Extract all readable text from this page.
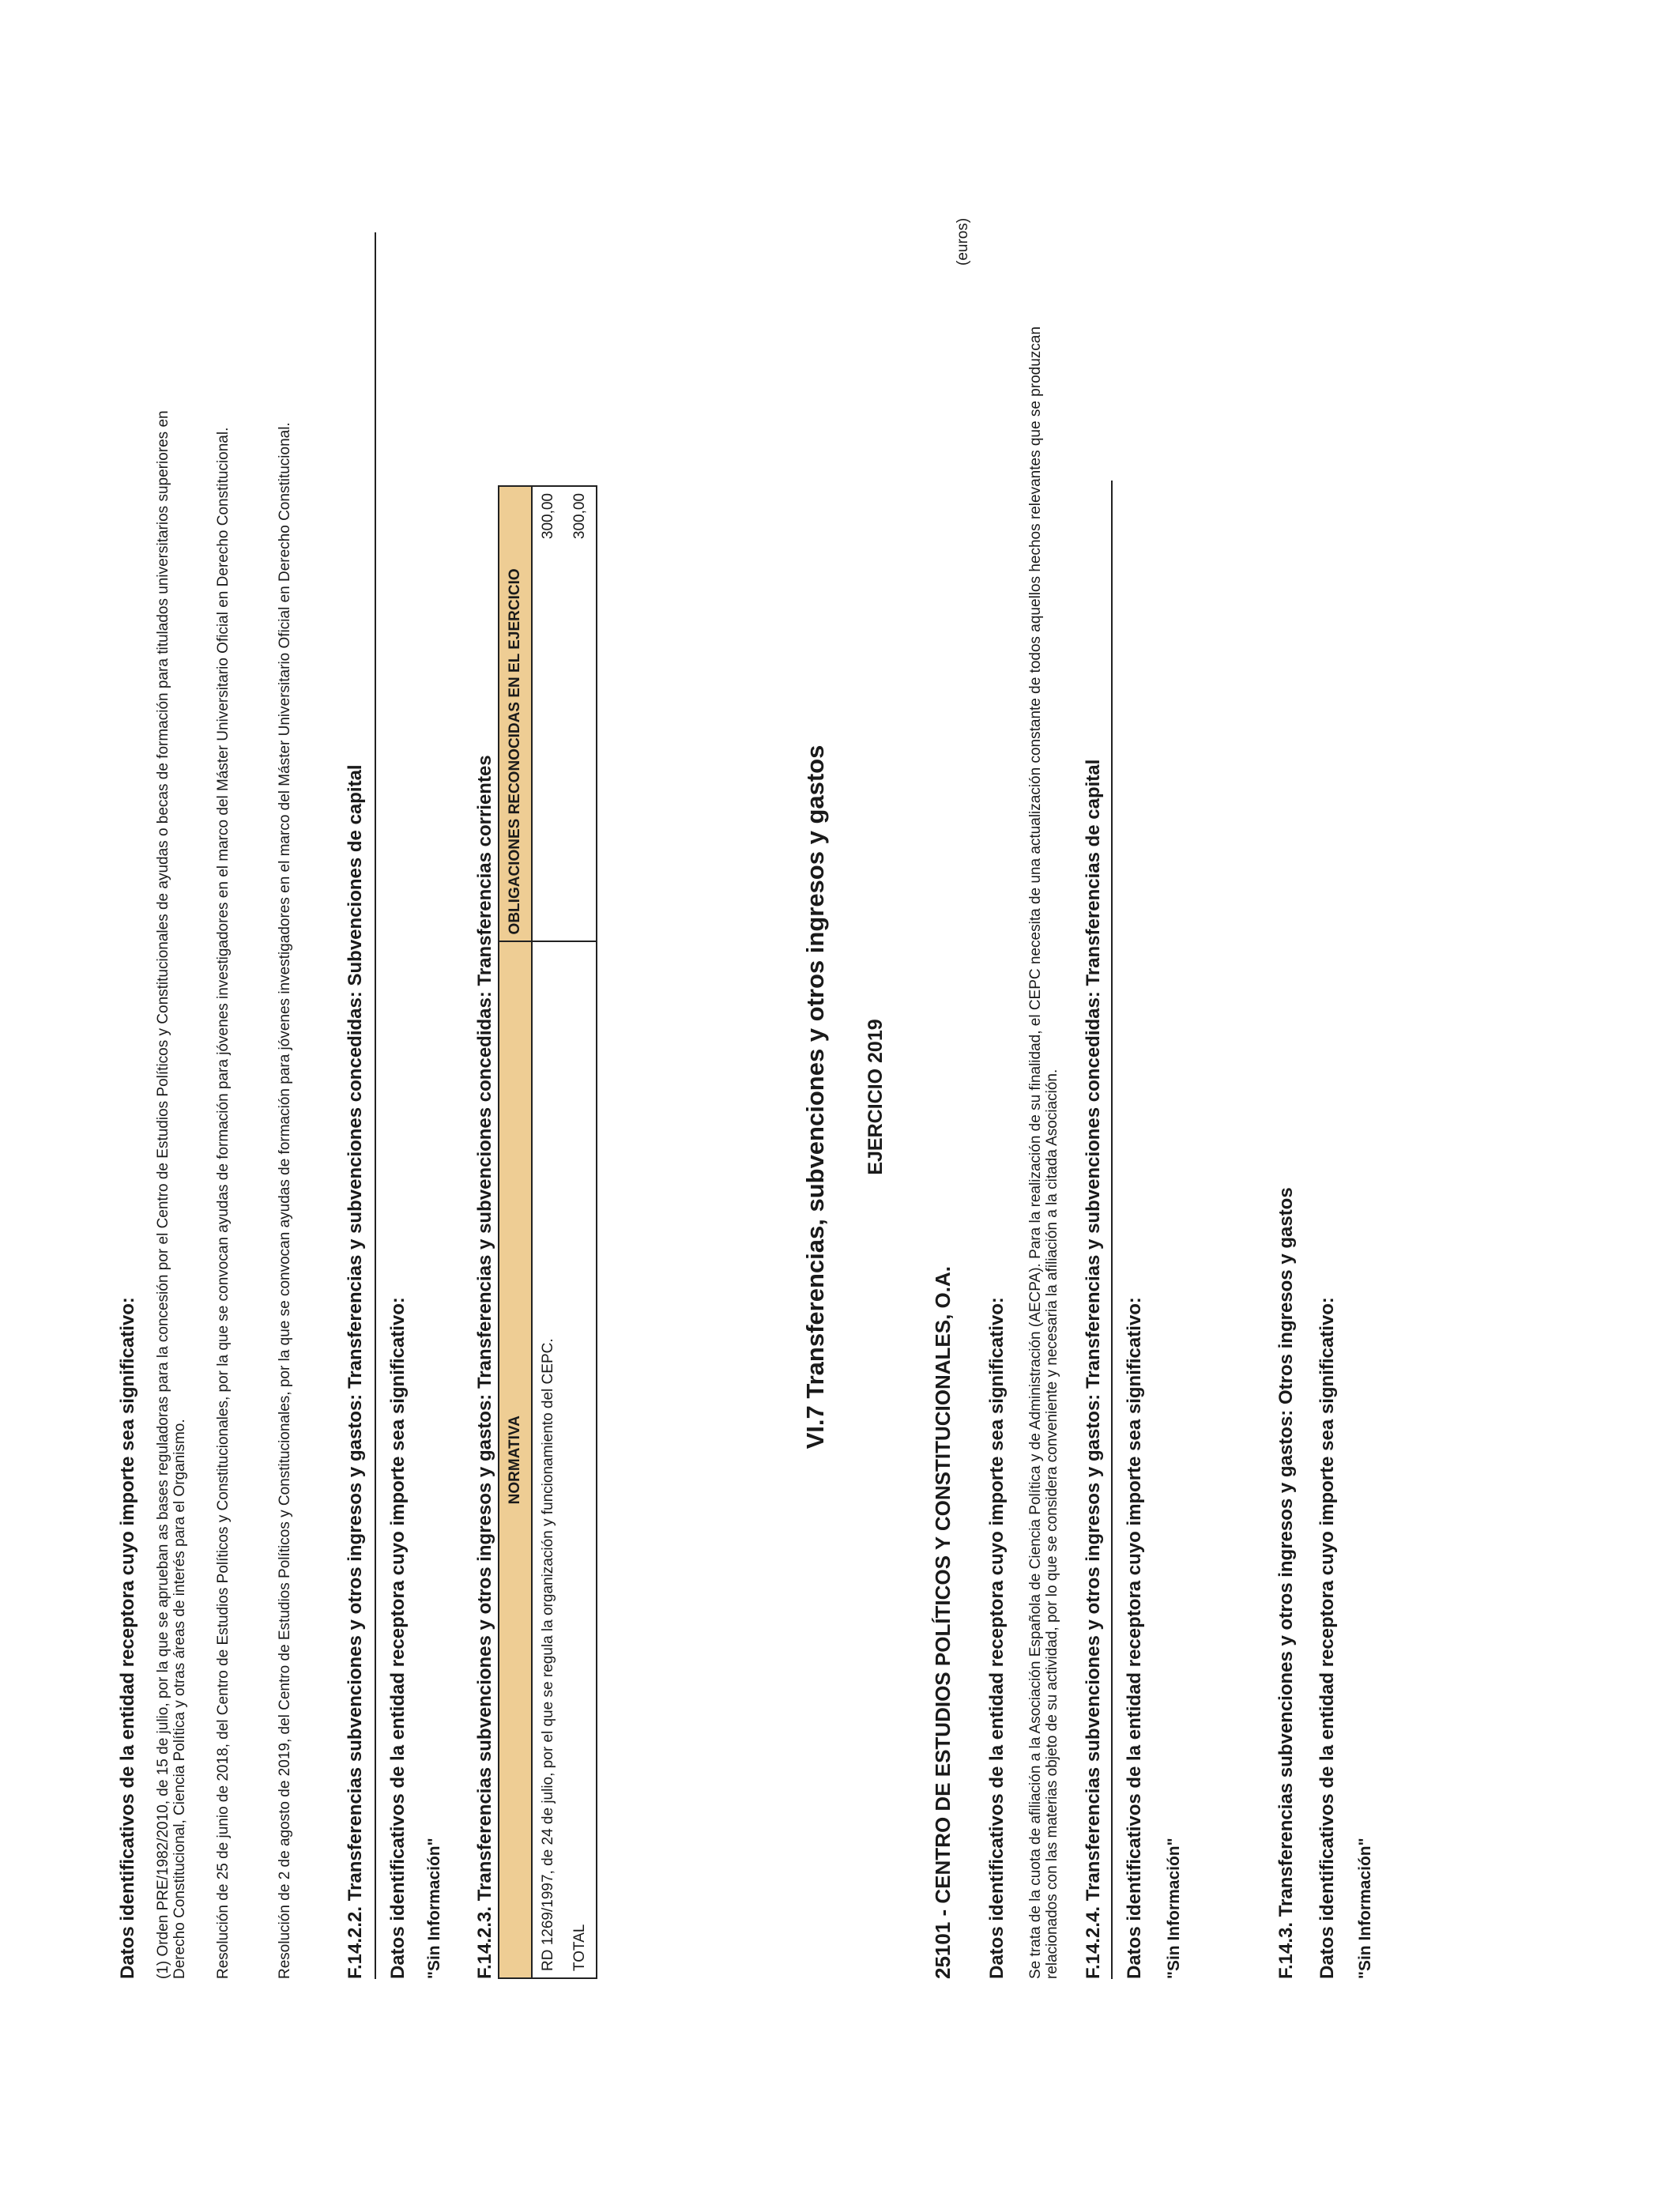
Datos identificativos de la entidad receptora cuyo importe sea significativo: (1) Orden PRE/1982/2010, de 15 de julio, por la que se aprueban as bases reguladoras para la concesión por el Centro de Estudios Políticos y Constitucionales de ayudas o becas de formación para titulados universitarios superiores en Derecho Constitucional, Ciencia Política y otras áreas de interés para el Organismo. Resolución de 25 de junio de 2018, del Centro de Estudios Políticos y Constitucionales, por la que se convocan ayudas de formación para jóvenes investigadores en el marco del Máster Universitario Oficial en Derecho Constitucional.	Resolución de 2 de agosto de 2019, del Centro de Estudios Políticos y Constitucionales, por la que se convocan ayudas de formación para jóvenes investigadores en el marco del Máster Universitario Oficial en Derecho Constitucional.	F.14.2.2. Transferencias subvenciones y otros ingresos y gastos: Transferencias y subvenciones concedidas: Subvenciones de capital Datos identificativos de la entidad receptora cuyo importe sea significativo: "Sin Información" F.14.2.3. Transferencias subvenciones y otros ingresos y gastos: Transferencias y subvenciones concedidas: Transferencias corrientes NORMATIVA	OBLIGACIONES RECONOCIDAS EN EL EJERCICIO
RD 1269/1997, de 24 de julio, por el que se regula la organización y funcionamiento del CEPC.	300,00
TOTAL	300,00
VI.7 Transferencias, subvenciones y otros ingresos y gastos EJERCICIO 2019
25101 - CENTRO DE ESTUDIOS POLÍTICOS Y CONSTITUCIONALES, O.A.
(euros)
Datos identificativos de la entidad receptora cuyo importe sea significativo: Se trata de la cuota de afiliación a la Asociación Española de Ciencia Política y de Administración (AECPA). Para la realización de su finalidad, el CEPC necesita de una actualización constante de todos aquellos hechos relevantes que se produzcan relacionados con las materias objeto de su actividad, por lo que se considera conveniente y necesaria la afiliación a la citada Asociación. F.14.2.4. Transferencias subvenciones y otros ingresos y gastos: Transferencias y subvenciones concedidas: Transferencias de capital Datos identificativos de la entidad receptora cuyo importe sea significativo: "Sin Información"	F.14.3. Transferencias subvenciones y otros ingresos y gastos: Otros ingresos y gastos Datos identificativos de la entidad receptora cuyo importe sea significativo: "Sin Información"
